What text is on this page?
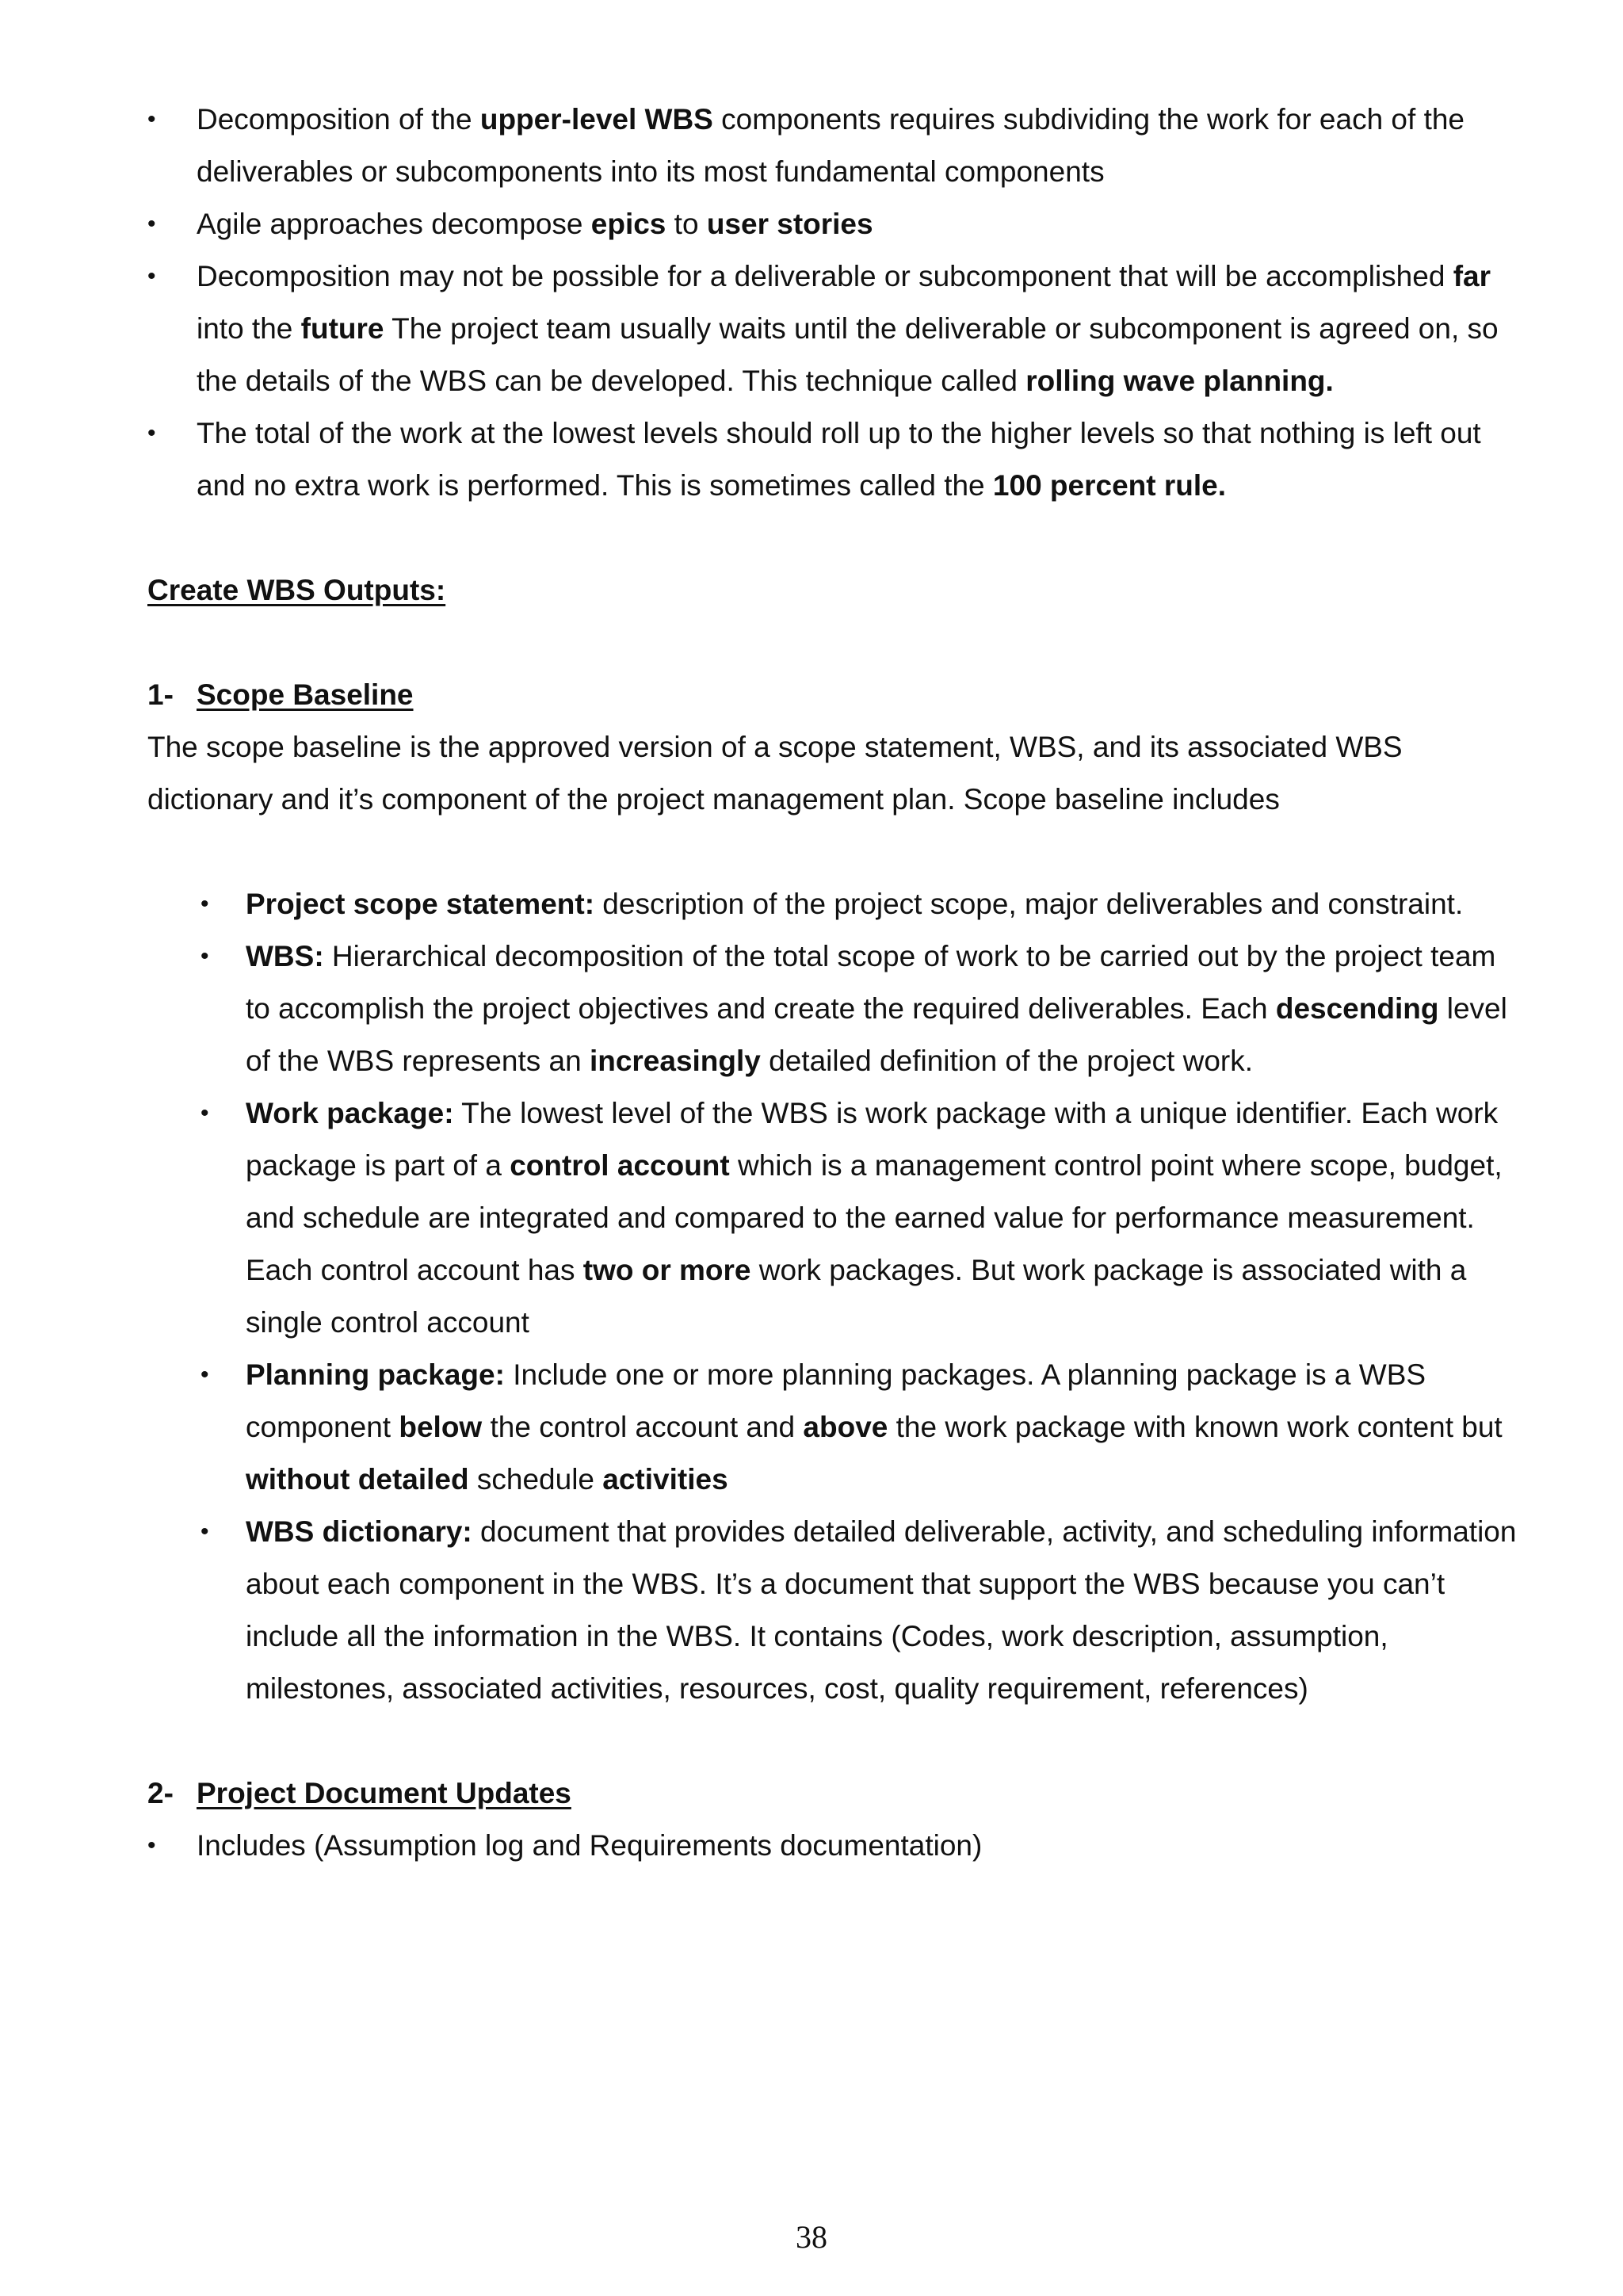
• Decomposition of the upper-level WBS components requires subdividing the work for each of the deliverables or subcomponents into its most fundamental components
• Agile approaches decompose epics to user stories
• Decomposition may not be possible for a deliverable or subcomponent that will be accomplished far into the future The project team usually waits until the deliverable or subcomponent is agreed on, so the details of the WBS can be developed. This technique called rolling wave planning.
• The total of the work at the lowest levels should roll up to the higher levels so that nothing is left out and no extra work is performed. This is sometimes called the 100 percent rule.

Create WBS Outputs:

1- Scope Baseline

The scope baseline is the approved version of a scope statement, WBS, and its associated WBS dictionary and it’s component of the project management plan. Scope baseline includes

• Project scope statement: description of the project scope, major deliverables and constraint.
• WBS: Hierarchical decomposition of the total scope of work to be carried out by the project team to accomplish the project objectives and create the required deliverables. Each descending level of the WBS represents an increasingly detailed definition of the project work.
• Work package: The lowest level of the WBS is work package with a unique identifier. Each work package is part of a control account which is a management control point where scope, budget, and schedule are integrated and compared to the earned value for performance measurement. Each control account has two or more work packages. But work package is associated with a single control account
• Planning package: Include one or more planning packages. A planning package is a WBS component below the control account and above the work package with known work content but without detailed schedule activities
• WBS dictionary: document that provides detailed deliverable, activity, and scheduling information about each component in the WBS. It’s a document that support the WBS because you can’t include all the information in the WBS. It contains (Codes, work description, assumption, milestones, associated activities, resources, cost, quality requirement, references)
2- Project Document Updates
• Includes (Assumption log and Requirements documentation)
38
